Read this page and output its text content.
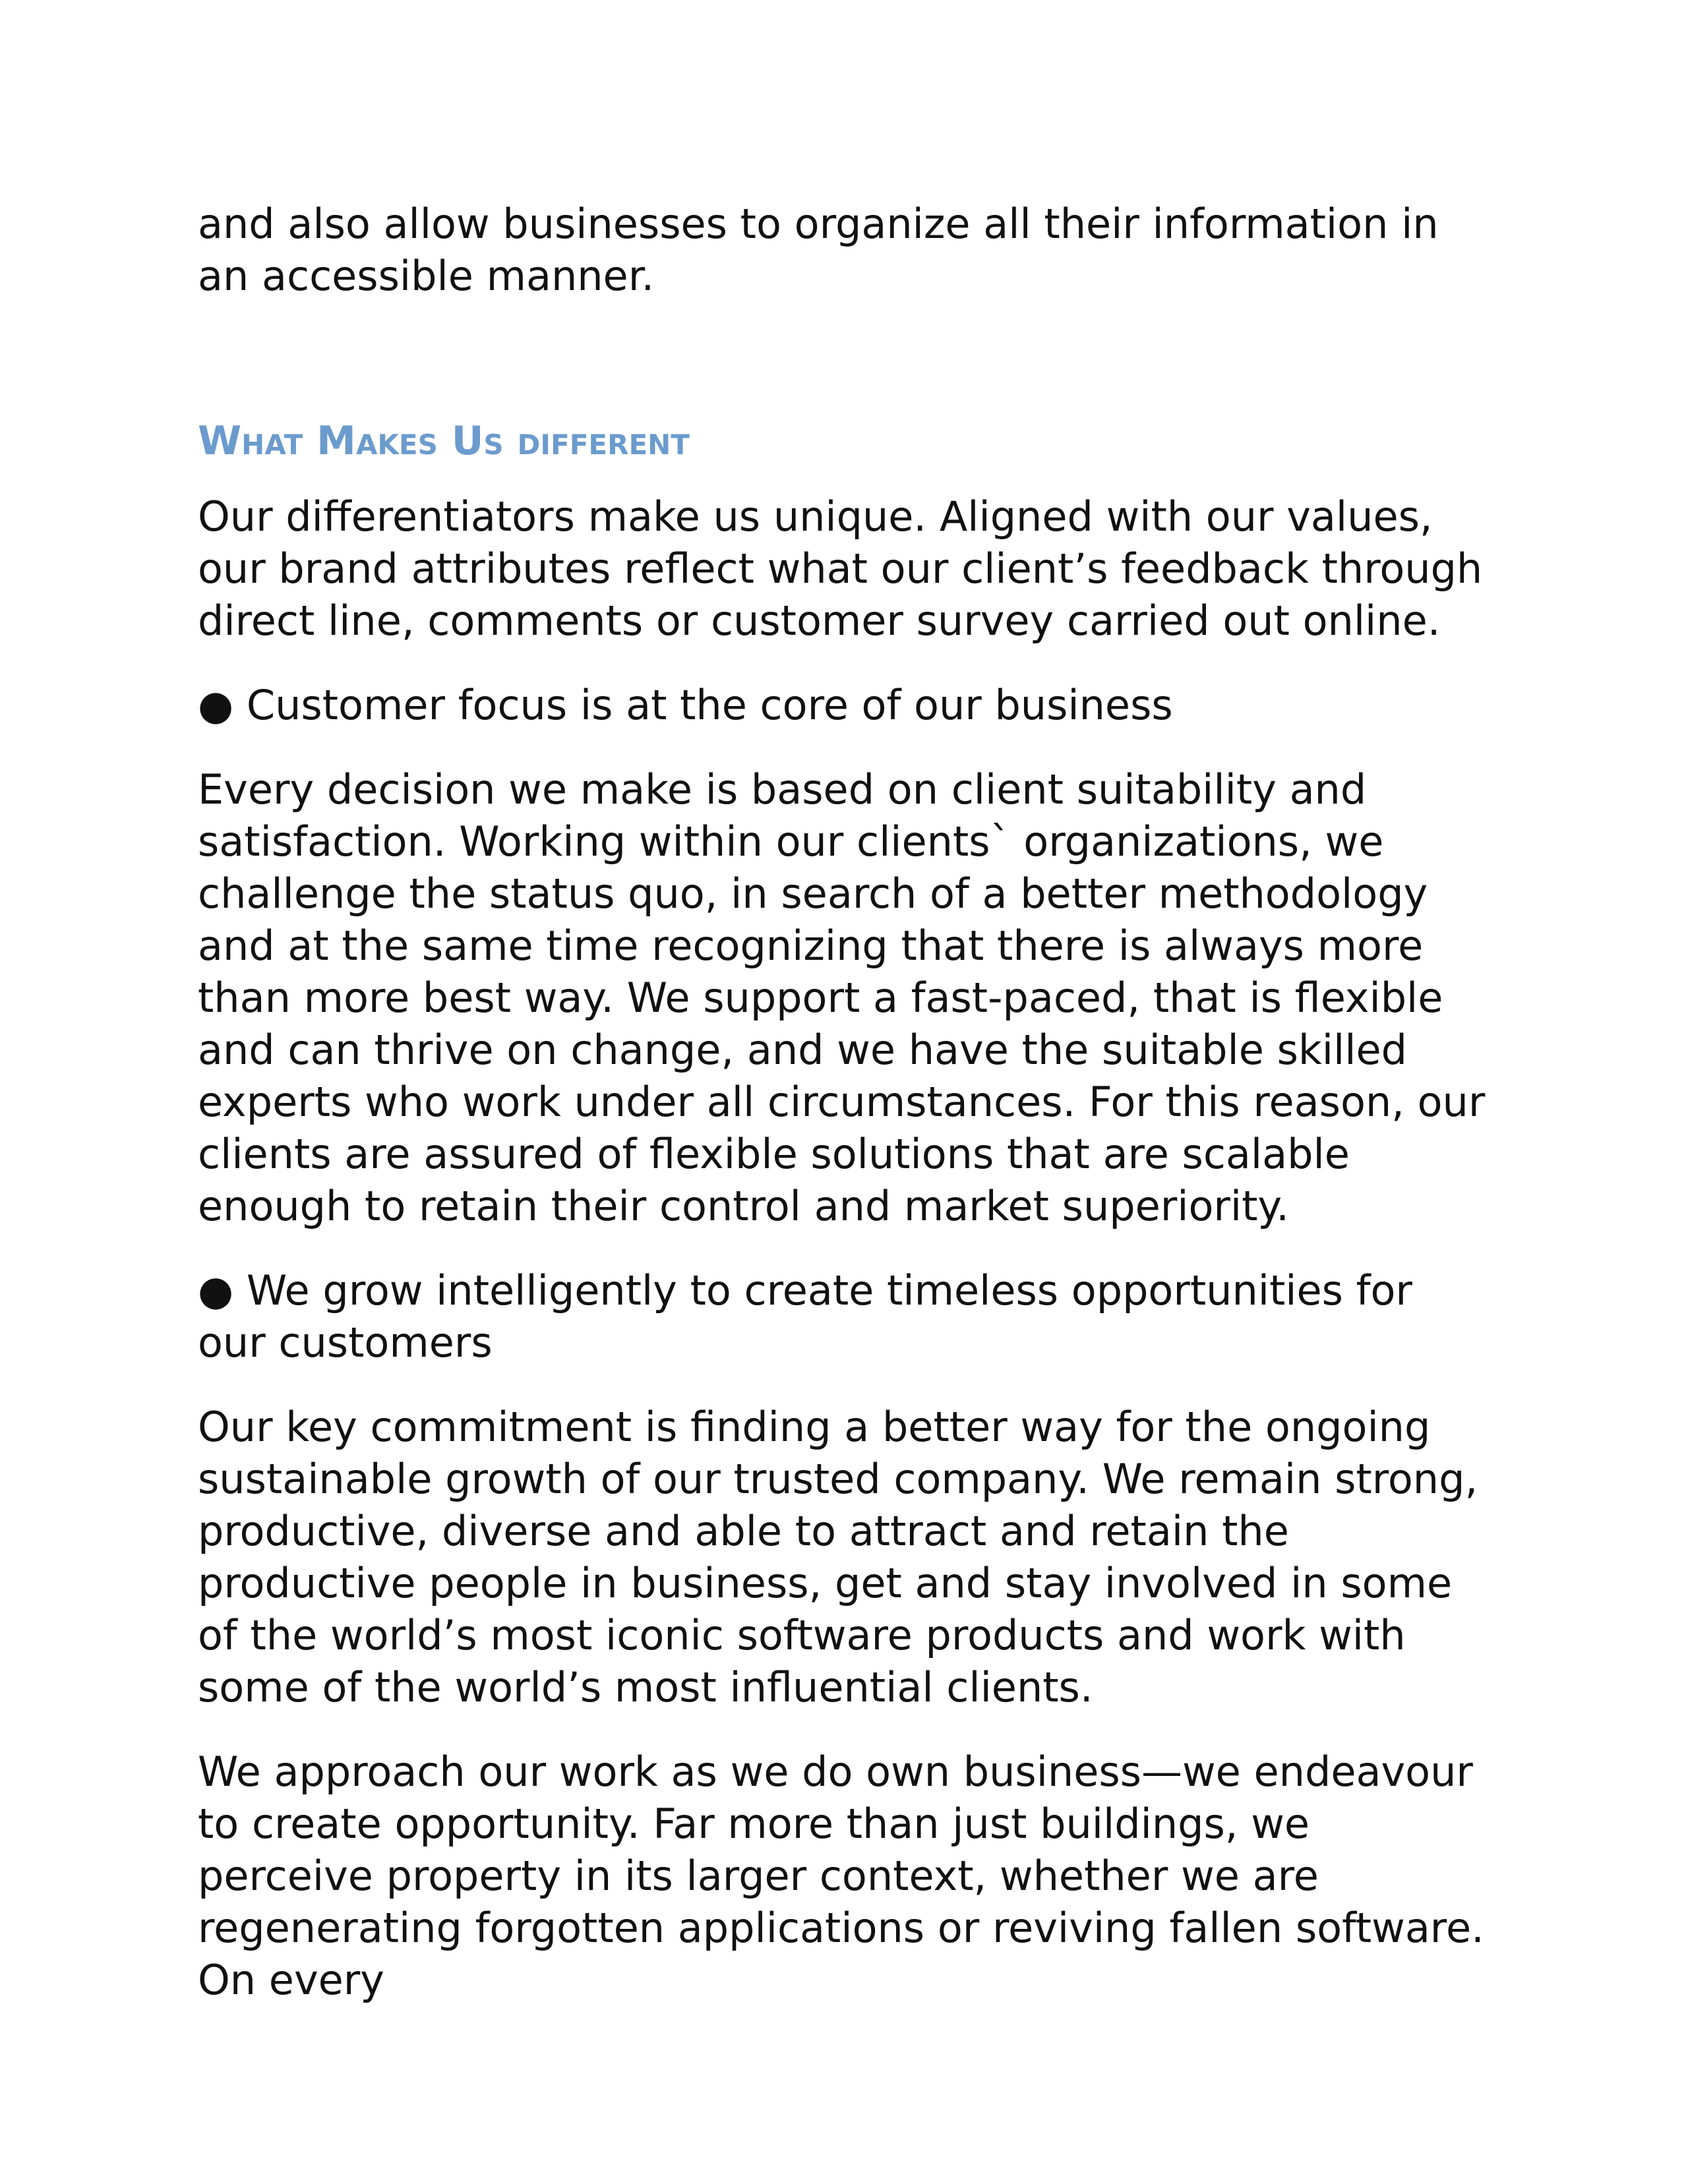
and also allow businesses to organize all their information in an accessible manner.

What Makes Us different

Our differentiators make us unique. Aligned with our values, our brand attributes reflect what our client’s feedback through direct line, comments or customer survey carried out online.

● Customer focus is at the core of our business

Every decision we make is based on client suitability and satisfaction. Working within our clients` organizations, we challenge the status quo, in search of a better methodology and at the same time recognizing that there is always more than more best way. We support a fast-paced, that is flexible and can thrive on change, and we have the suitable skilled experts who work under all circumstances. For this reason, our clients are assured of flexible solutions that are scalable enough to retain their control and market superiority.

● We grow intelligently to create timeless opportunities for our customers

Our key commitment is finding a better way for the ongoing sustainable growth of our trusted company. We remain strong, productive, diverse and able to attract and retain the productive people in business, get and stay involved in some of the world’s most iconic software products and work with some of the world’s most influential clients.

We approach our work as we do own business—we endeavour to create opportunity. Far more than just buildings, we perceive property in its larger context, whether we are regenerating forgotten applications or reviving fallen software. On every
